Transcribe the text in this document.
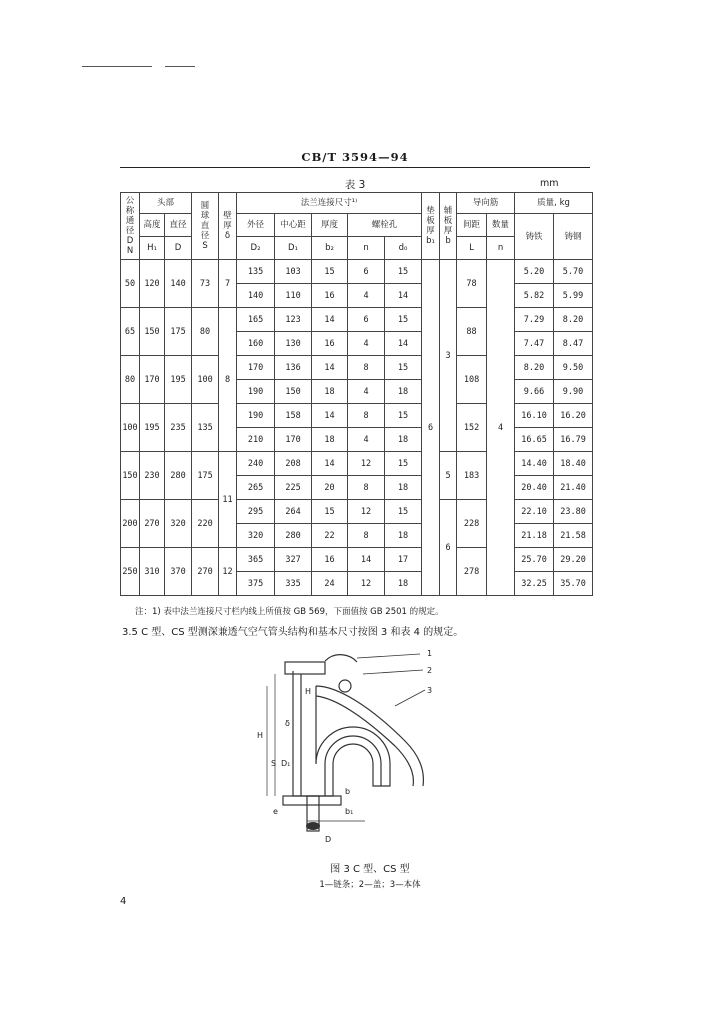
CB/T 3594—94
表 3	mm
公称通径 DN	头部		圆球直径 S	壁厚 δ	法兰连接尺寸¹⁾					垫板厚 b₁	辅板厚 b	导向筋		质量, kg	
	高度	直径			外径	中心距	厚度	螺栓孔				间距	数量	铸铁	铸钢
	H₁	D			D₂	D₁	b₂	n	d₀			L	n		
50	120	140	73	7	135	103	15	6	15	6	3	78	4	5.20	5.70
					140	110	16	4	14					5.82	5.99
65	150	175	80	8	165	123	14	6	15			88		7.29	8.20
					160	130	16	4	14					7.47	8.47
80	170	195	100		170	136	14	8	15			108		8.20	9.50
					190	150	18	4	18					9.66	9.90
100	195	235	135		190	158	14	8	15			152		16.10	16.20
					210	170	18	4	18					16.65	16.79
150	230	280	175	11	240	208	14	12	15		5	183		14.40	18.40
					265	225	20	8	18					20.40	21.40
200	270	320	220		295	264	15	12	15		6	228		22.10	23.80
					320	280	22	8	18					21.18	21.58
250	310	370	270	12	365	327	16	14	17			278		25.70	29.20
					375	335	24	12	18					32.25	35.70
注：1) 表中法兰连接尺寸栏内线上所值按 GB 569，下面值按 GB 2501 的规定。
3.5 C 型、CS 型测深兼透气空气管头结构和基本尺寸按图 3 和表 4 的规定。
1
2
3
H
H
δ
S D₁
D
e	b₁
b
图 3 C 型、CS 型
1—链条；2—盖；3—本体
4
